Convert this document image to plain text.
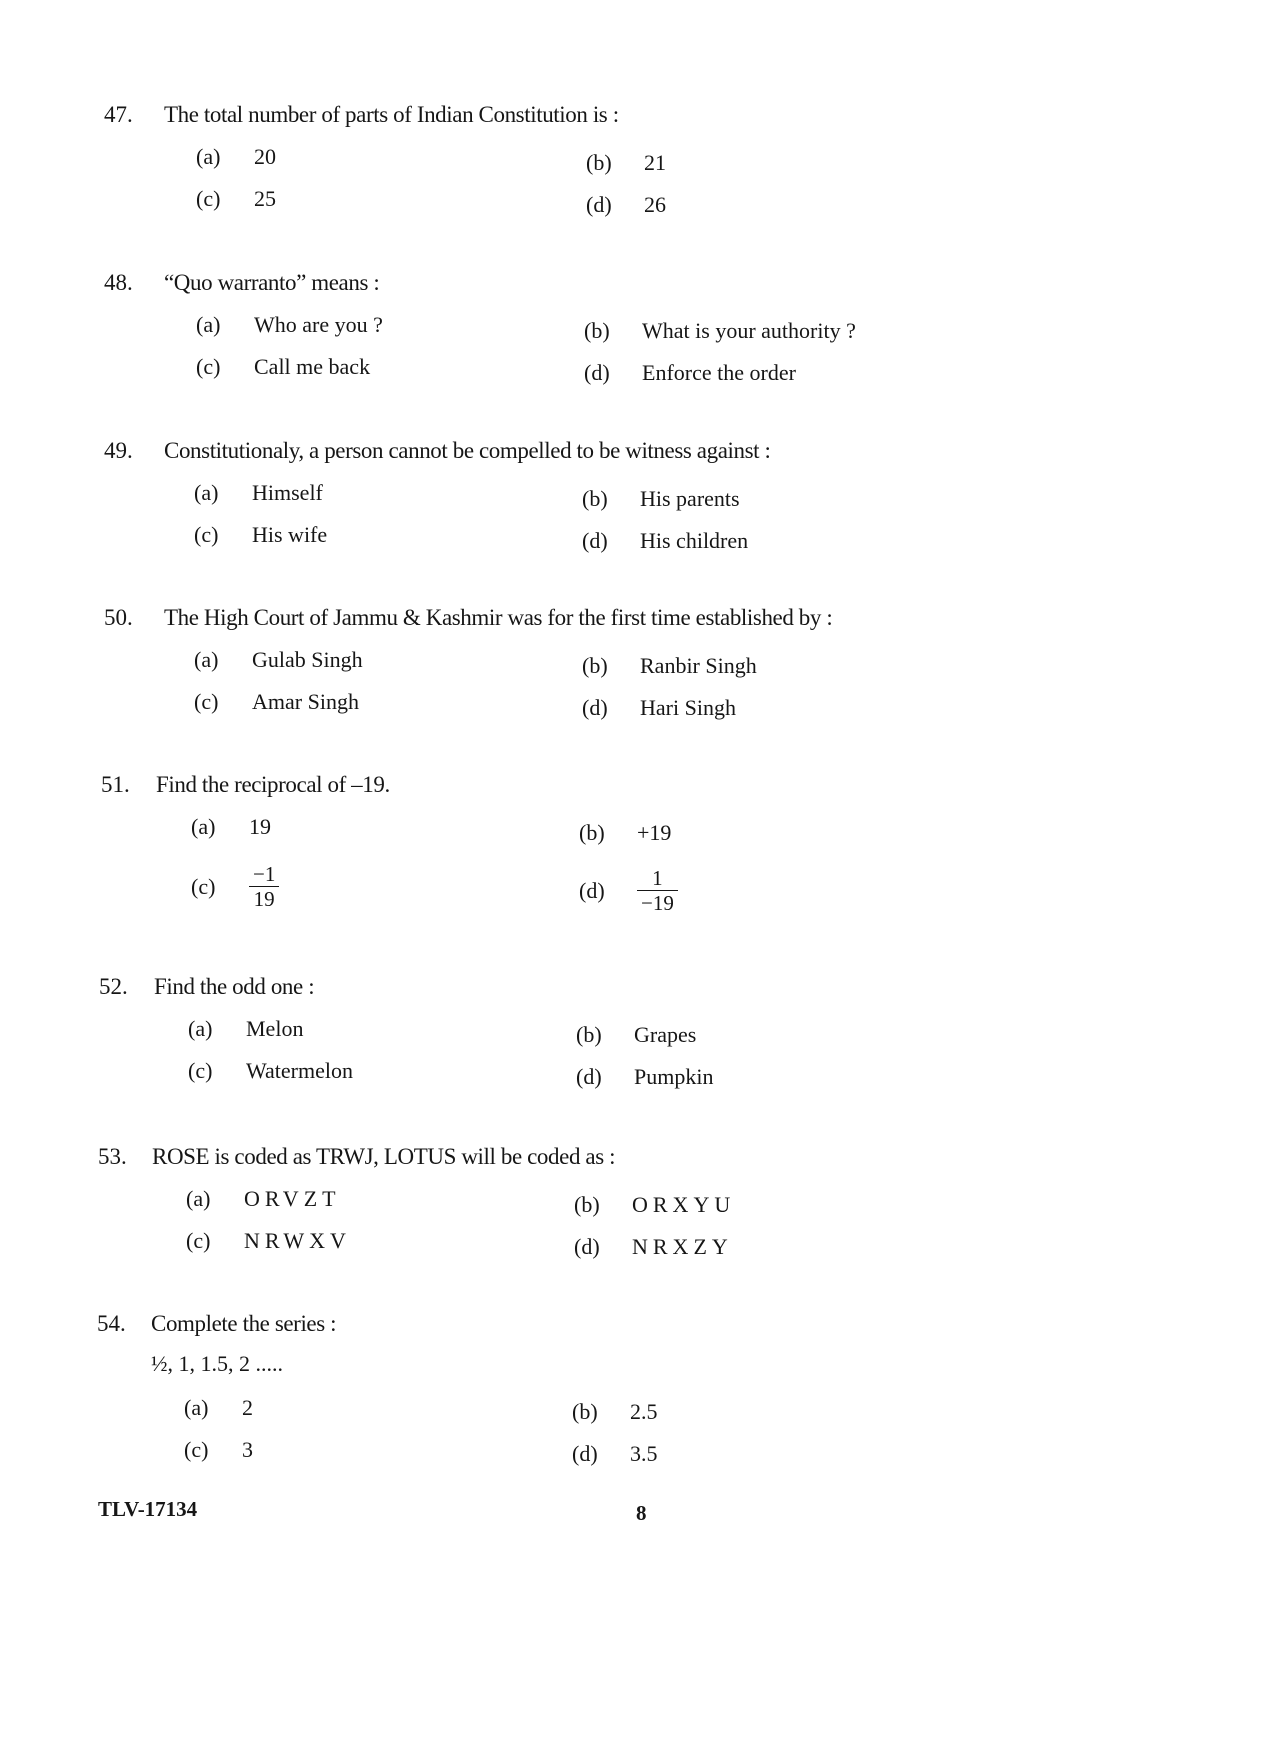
47. The total number of parts of Indian Constitution is :
(a) 20	(b) 21
(c) 25	(d) 26
48. “Quo warranto” means :
(a) Who are you ?	(b) What is your authority ?
(c) Call me back	(d) Enforce the order
49. Constitutionaly, a person cannot be compelled to be witness against :
(a) Himself	(b) His parents
(c) His wife	(d) His children
50. The High Court of Jammu & Kashmir was for the first time established by :
(a) Gulab Singh	(b) Ranbir Singh
(c) Amar Singh	(d) Hari Singh
51. Find the reciprocal of –19.
(a) 19	(b) +19
$(c) \frac{-1}{19}$	$(d) \frac{1}{-19}$
52. Find the odd one :
(a) Melon	(b) Grapes
(c) Watermelon	(d) Pumpkin
53. ROSE is coded as TRWJ, LOTUS will be coded as :
(a) ORVZT	(b) ORXYU
(c) NRWXV	(d) NRXZY
54. Complete the series :
½, 1, 1.5, 2 .....
(a) 2	(b) 2.5
(c) 3	(d) 3.5
TLV-17134	8
